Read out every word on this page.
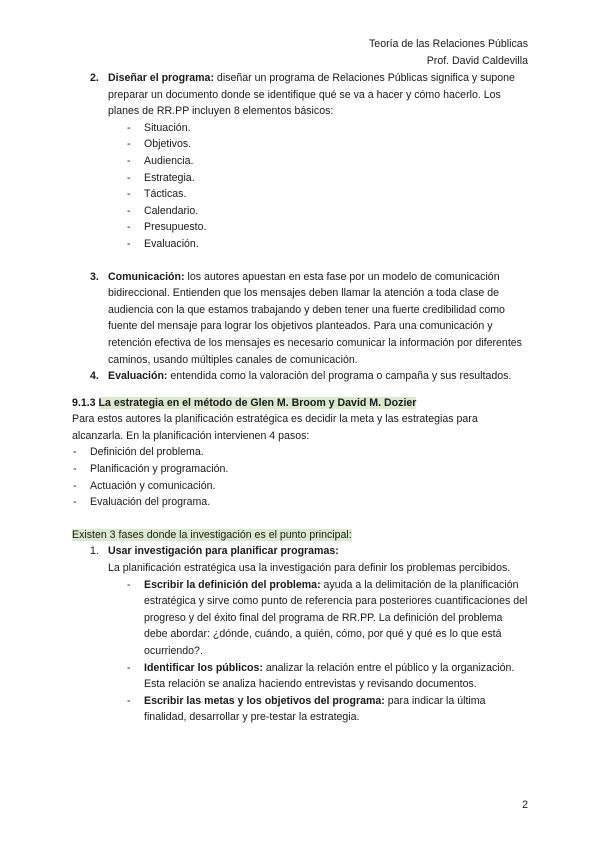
Teoría de las Relaciones Públicas
Prof. David Caldevilla
2. Diseñar el programa: diseñar un programa de Relaciones Públicas significa y supone preparar un documento donde se identifique qué se va a hacer y cómo hacerlo. Los planes de RR.PP incluyen 8 elementos básicos:
- Situación.
- Objetivos.
- Audiencia.
- Estrategia.
- Tácticas.
- Calendario.
- Presupuesto.
- Evaluación.
3. Comunicación: los autores apuestan en esta fase por un modelo de comunicación bidireccional. Entienden que los mensajes deben llamar la atención a toda clase de audiencia con la que estamos trabajando y deben tener una fuerte credibilidad como fuente del mensaje para lograr los objetivos planteados. Para una comunicación y retención efectiva de los mensajes es necesario comunicar la información por diferentes caminos, usando múltiples canales de comunicación.
4. Evaluación: entendida como la valoración del programa o campaña y sus resultados.
9.1.3 La estrategia en el método de Glen M. Broom y David M. Dozier
Para estos autores la planificación estratégica es decidir la meta y las estrategias para alcanzarla. En la planificación intervienen 4 pasos:
- Definición del problema.
- Planificación y programación.
- Actuación y comunicación.
- Evaluación del programa.
Existen 3 fases donde la investigación es el punto principal:
1. Usar investigación para planificar programas:
La planificación estratégica usa la investigación para definir los problemas percibidos.
- Escribir la definición del problema: ayuda a la delimitación de la planificación estratégica y sirve como punto de referencia para posteriores cuantificaciones del progreso y del éxito final del programa de RR.PP. La definición del problema debe abordar: ¿dónde, cuándo, a quién, cómo, por qué y qué es lo que está ocurriendo?.
- Identificar los públicos: analizar la relación entre el público y la organización. Esta relación se analiza haciendo entrevistas y revisando documentos.
- Escribir las metas y los objetivos del programa: para indicar la última finalidad, desarrollar y pre-testar la estrategia.
2
